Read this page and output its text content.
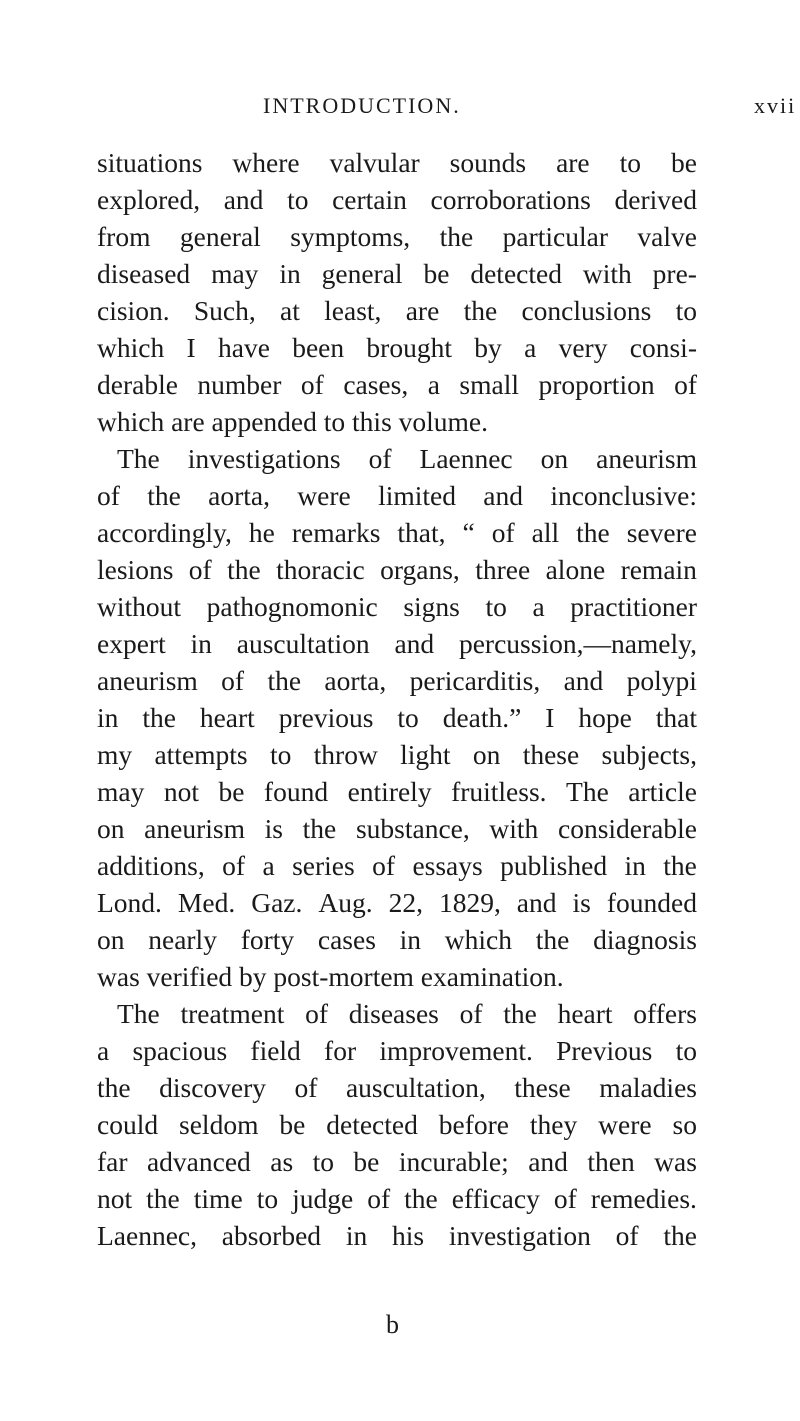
INTRODUCTION.	xvii
situations where valvular sounds are to be
explored, and to certain corroborations derived
from general symptoms, the particular valve
diseased may in general be detected with pre-
cision. Such, at least, are the conclusions to
which I have been brought by a very consi-
derable number of cases, a small proportion of
which are appended to this volume.
The investigations of Laennec on aneurism
of the aorta, were limited and inconclusive:
accordingly, he remarks that, “ of all the severe
lesions of the thoracic organs, three alone remain
without pathognomonic signs to a practitioner
expert in auscultation and percussion,—namely,
aneurism of the aorta, pericarditis, and polypi
in the heart previous to death.” I hope that
my attempts to throw light on these subjects,
may not be found entirely fruitless. The article
on aneurism is the substance, with considerable
additions, of a series of essays published in the
Lond. Med. Gaz. Aug. 22, 1829, and is founded
on nearly forty cases in which the diagnosis
was verified by post-mortem examination.
The treatment of diseases of the heart offers
a spacious field for improvement. Previous to
the discovery of auscultation, these maladies
could seldom be detected before they were so
far advanced as to be incurable; and then was
not the time to judge of the efficacy of remedies.
Laennec, absorbed in his investigation of the
b
